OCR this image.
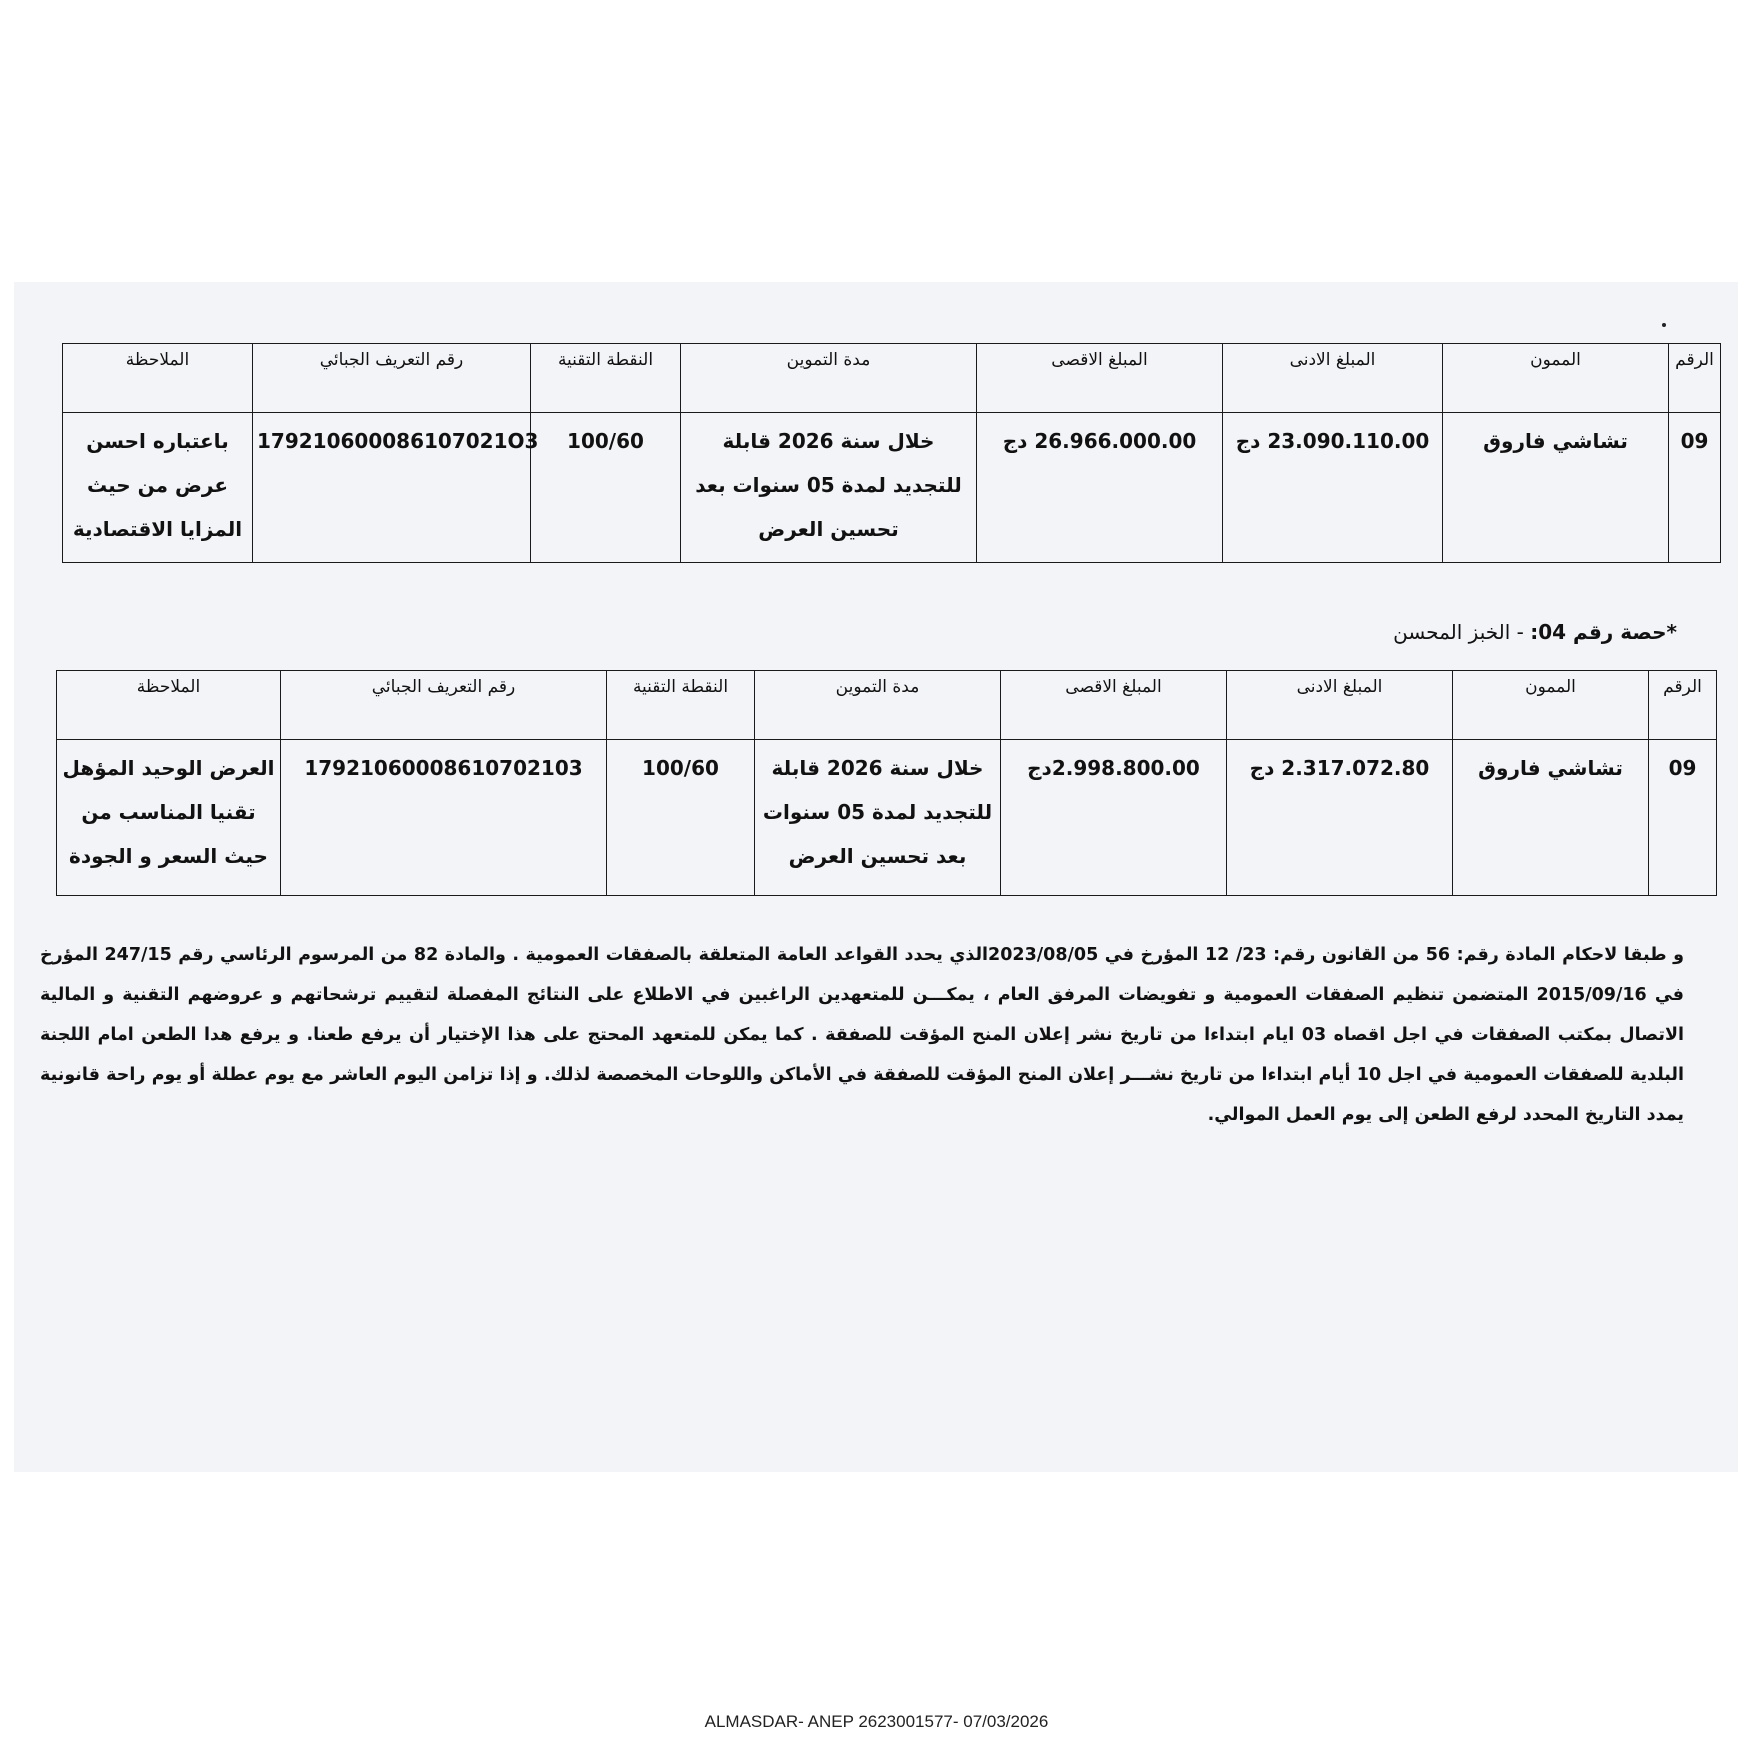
الرقم	الممون	المبلغ الادنى	المبلغ الاقصى	مدة التموين	النقطة التقنية	رقم التعريف الجبائي	الملاحظة
09	تشاشي فاروق	23.090.110.00 دج	26.966.000.00 دج	خلال سنة 2026 قابلة للتجديد لمدة 05 سنوات بعد تحسين العرض	100/60	179210600086107021O3	باعتباره احسن عرض من حيث المزايا الاقتصادية
*حصة رقم 04: - الخبز المحسن
الرقم	الممون	المبلغ الادنى	المبلغ الاقصى	مدة التموين	النقطة التقنية	رقم التعريف الجبائي	الملاحظة
09	تشاشي فاروق	2.317.072.80 دج	2.998.800.00دج	خلال سنة 2026 قابلة للتجديد لمدة 05 سنوات بعد تحسين العرض	100/60	17921060008610702103	العرض الوحيد المؤهل تقنيا المناسب من حيث السعر و الجودة
و طبقا لاحكام المادة رقم: 56 من القانون رقم: 23/ 12 المؤرخ في 2023/08/05الذي يحدد القواعد العامة المتعلقة بالصفقات العمومية . والمادة 82 من المرسوم الرئاسي رقم 247/15 المؤرخ في 2015/09/16 المتضمن تنظيم الصفقات العمومية و تفويضات المرفق العام ، يمكـــن للمتعهدين الراغبين في الاطلاع على النتائج المفصلة لتقييم ترشحاتهم و عروضهم التقنية و المالية الاتصال بمكتب الصفقات في اجل اقصاه 03 ايام ابتداءا من تاريخ نشر إعلان المنح المؤقت للصفقة . كما يمكن للمتعهد المحتج على هذا الإختيار أن يرفع طعنا. و يرفع هدا الطعن امام اللجنة البلدية للصفقات العمومية في اجل 10 أيام ابتداءا من تاريخ نشـــر إعلان المنح المؤقت للصفقة في الأماكن واللوحات المخصصة لذلك. و إذا تزامن اليوم العاشر مع يوم عطلة أو يوم راحة قانونية يمدد التاريخ المحدد لرفع الطعن إلى يوم العمل الموالي.
ALMASDAR- ANEP 2623001577- 07/03/2026
